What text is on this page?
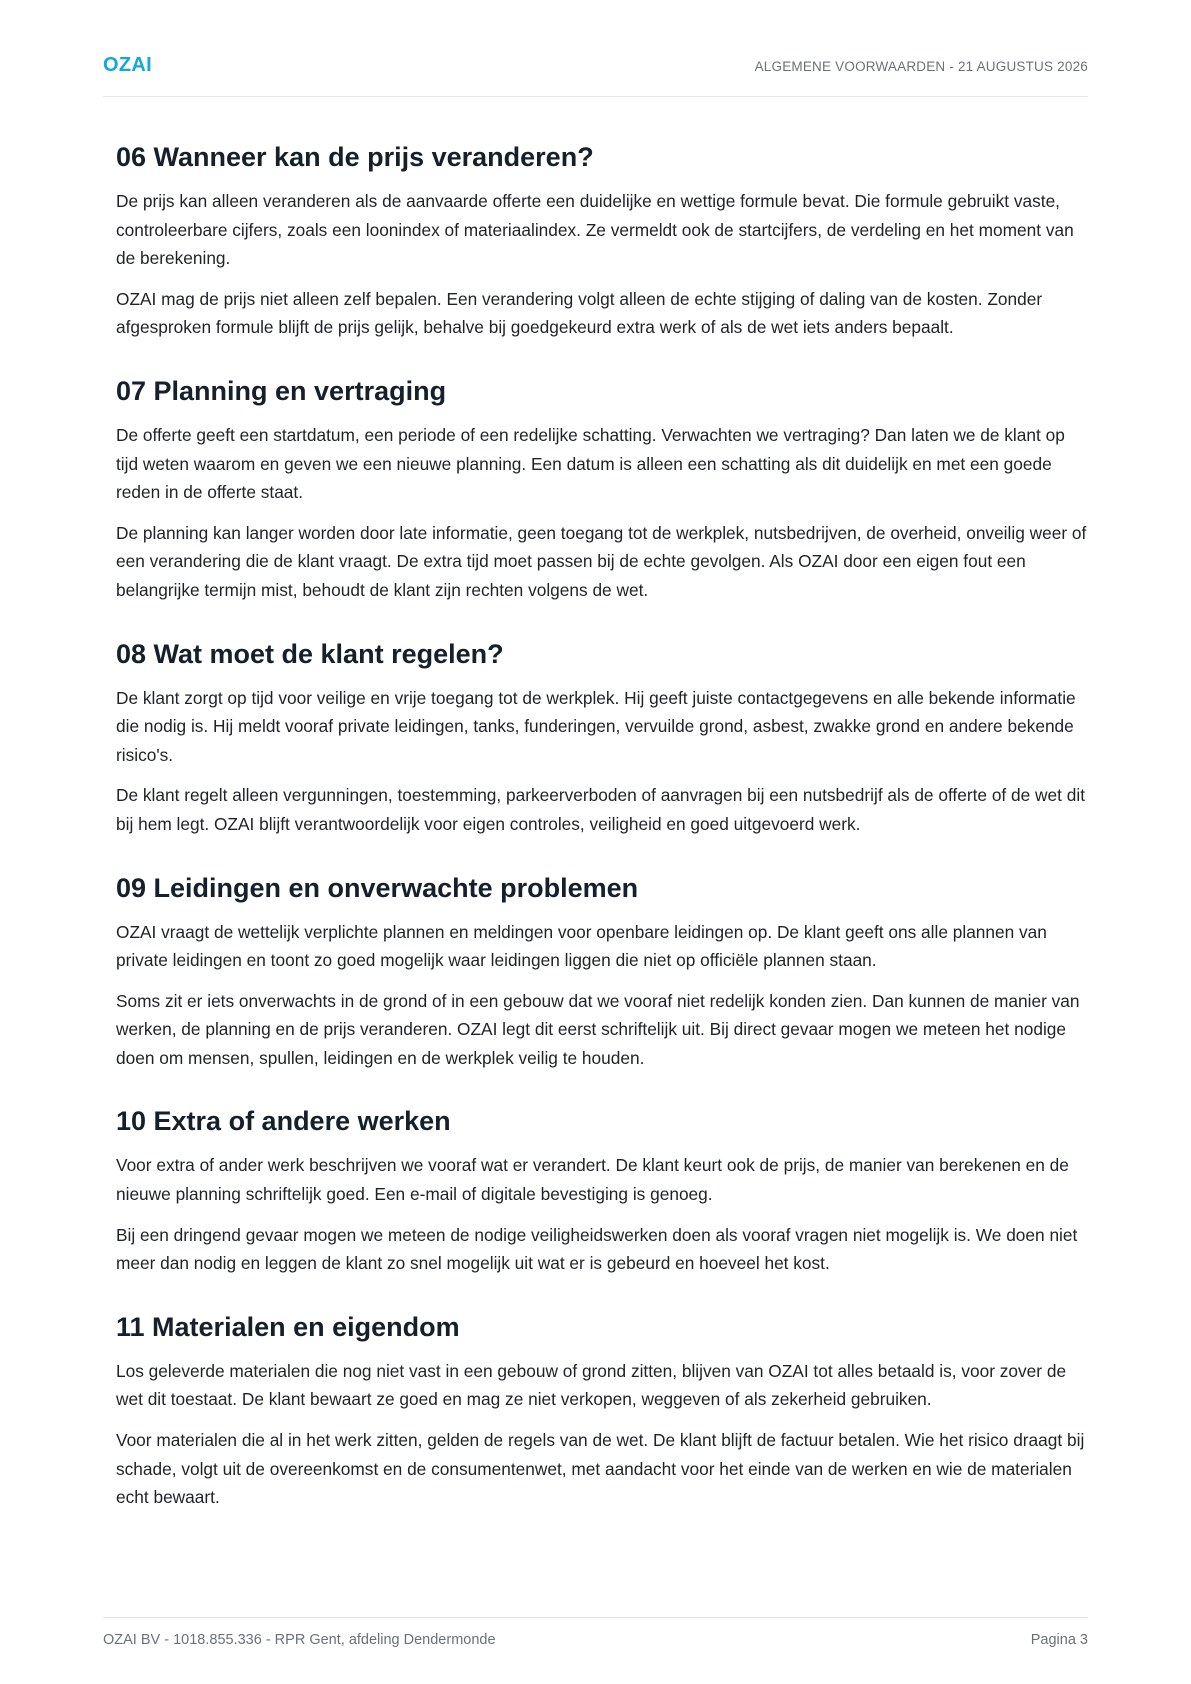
OZAI	ALGEMENE VOORWAARDEN - 21 AUGUSTUS 2026
06 Wanneer kan de prijs veranderen?

De prijs kan alleen veranderen als de aanvaarde offerte een duidelijke en wettige formule bevat. Die formule gebruikt vaste, controleerbare cijfers, zoals een loonindex of materiaalindex. Ze vermeldt ook de startcijfers, de verdeling en het moment van de berekening.

OZAI mag de prijs niet alleen zelf bepalen. Een verandering volgt alleen de echte stijging of daling van de kosten. Zonder afgesproken formule blijft de prijs gelijk, behalve bij goedgekeurd extra werk of als de wet iets anders bepaalt.

07 Planning en vertraging

De offerte geeft een startdatum, een periode of een redelijke schatting. Verwachten we vertraging? Dan laten we de klant op tijd weten waarom en geven we een nieuwe planning. Een datum is alleen een schatting als dit duidelijk en met een goede reden in de offerte staat.

De planning kan langer worden door late informatie, geen toegang tot de werkplek, nutsbedrijven, de overheid, onveilig weer of een verandering die de klant vraagt. De extra tijd moet passen bij de echte gevolgen. Als OZAI door een eigen fout een belangrijke termijn mist, behoudt de klant zijn rechten volgens de wet.

08 Wat moet de klant regelen?

De klant zorgt op tijd voor veilige en vrije toegang tot de werkplek. Hij geeft juiste contactgegevens en alle bekende informatie die nodig is. Hij meldt vooraf private leidingen, tanks, funderingen, vervuilde grond, asbest, zwakke grond en andere bekende risico's.

De klant regelt alleen vergunningen, toestemming, parkeerverboden of aanvragen bij een nutsbedrijf als de offerte of de wet dit bij hem legt. OZAI blijft verantwoordelijk voor eigen controles, veiligheid en goed uitgevoerd werk.

09 Leidingen en onverwachte problemen

OZAI vraagt de wettelijk verplichte plannen en meldingen voor openbare leidingen op. De klant geeft ons alle plannen van private leidingen en toont zo goed mogelijk waar leidingen liggen die niet op officiële plannen staan.

Soms zit er iets onverwachts in de grond of in een gebouw dat we vooraf niet redelijk konden zien. Dan kunnen de manier van werken, de planning en de prijs veranderen. OZAI legt dit eerst schriftelijk uit. Bij direct gevaar mogen we meteen het nodige doen om mensen, spullen, leidingen en de werkplek veilig te houden.

10 Extra of andere werken

Voor extra of ander werk beschrijven we vooraf wat er verandert. De klant keurt ook de prijs, de manier van berekenen en de nieuwe planning schriftelijk goed. Een e-mail of digitale bevestiging is genoeg.

Bij een dringend gevaar mogen we meteen de nodige veiligheidswerken doen als vooraf vragen niet mogelijk is. We doen niet meer dan nodig en leggen de klant zo snel mogelijk uit wat er is gebeurd en hoeveel het kost.

11 Materialen en eigendom

Los geleverde materialen die nog niet vast in een gebouw of grond zitten, blijven van OZAI tot alles betaald is, voor zover de wet dit toestaat. De klant bewaart ze goed en mag ze niet verkopen, weggeven of als zekerheid gebruiken.

Voor materialen die al in het werk zitten, gelden de regels van de wet. De klant blijft de factuur betalen. Wie het risico draagt bij schade, volgt uit de overeenkomst en de consumentenwet, met aandacht voor het einde van de werken en wie de materialen echt bewaart.

OZAI BV - 1018.855.336 - RPR Gent, afdeling Dendermonde	Pagina 3
